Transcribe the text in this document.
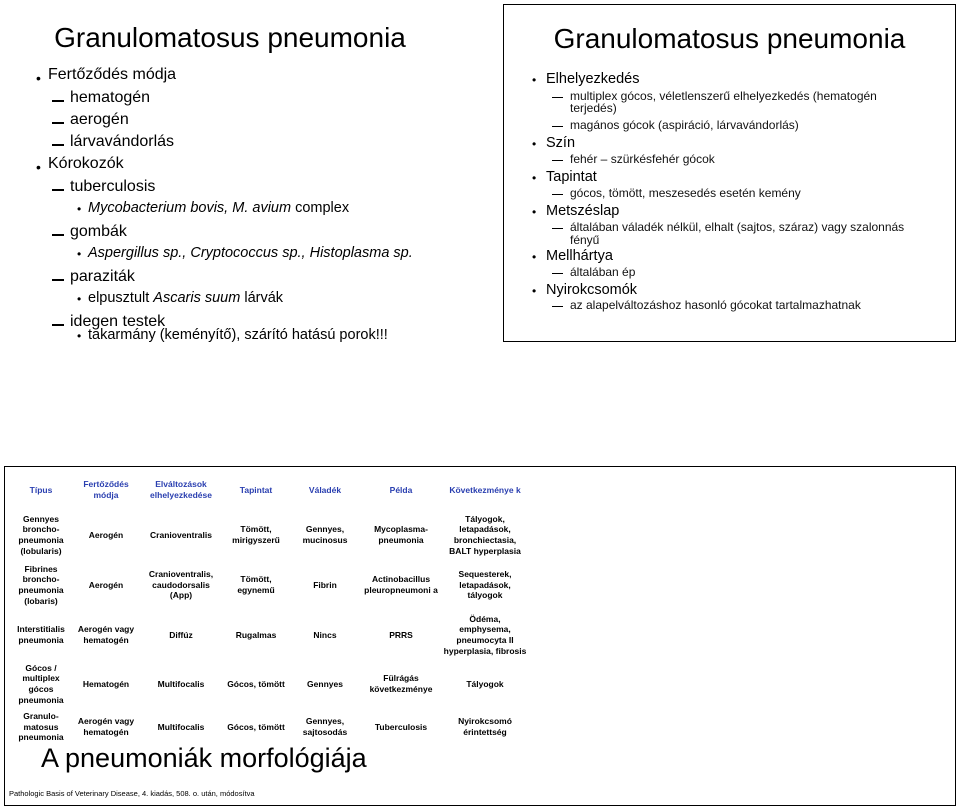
Granulomatosus pneumonia
• Fertőződés módja
hematogén
aerogén
lárvavándorlás
• Kórokozók
tuberculosis
• Mycobacterium bovis, M. avium complex
gombák
• Aspergillus sp., Cryptococcus sp., Histoplasma sp.
paraziták
• elpusztult Ascaris suum lárvák
idegen testek
• takarmány (keményítő), szárító hatású porok!!!
Granulomatosus pneumonia
• Elhelyezkedés
multiplex gócos, véletlenszerű elhelyezkedés (hematogén
terjedés)
magános gócok (aspiráció, lárvavándorlás)
• Szín
fehér – szürkésfehér gócok
• Tapintat
gócos, tömött, meszesedés esetén kemény
• Metszéslap
általában váladék nélkül, elhalt (sajtos, száraz) vagy szalonnás
fényű
• Mellhártya
általában ép
• Nyirokcsomók
az alapelváltozáshoz hasonló gócokat tartalmazhatnak
Típus	Fertőződés módja	Elváltozások elhelyezkedése	Tapintat	Váladék	Példa	Következménye k
Gennyes broncho-pneumonia (lobularis)	Aerogén	Cranioventralis	Tömött, mirigyszerű	Gennyes, mucinosus	Mycoplasma-pneumonia	Tályogok, letapadások, bronchiectasia, BALT hyperplasia
Fibrines broncho-pneumonia (lobaris)	Aerogén	Cranioventralis, caudodorsalis (App)	Tömött, egynemű	Fibrin	Actinobacillus pleuropneumoni a	Sequesterek, letapadások, tályogok
Interstitialis pneumonia	Aerogén vagy hematogén	Diffúz	Rugalmas	Nincs	PRRS	Ödéma, emphysema, pneumocyta II hyperplasia, fibrosis
Gócos / multiplex gócos pneumonia	Hematogén	Multifocalis	Gócos, tömött	Gennyes	Fülrágás következménye	Tályogok
Granulo-matosus pneumonia	Aerogén vagy hematogén	Multifocalis	Gócos, tömött	Gennyes, sajtosodás	Tuberculosis	Nyirokcsomó érintettség
A pneumoniák morfológiája
Pathologic Basis of Veterinary Disease, 4. kiadás, 508. o. után, módosítva
